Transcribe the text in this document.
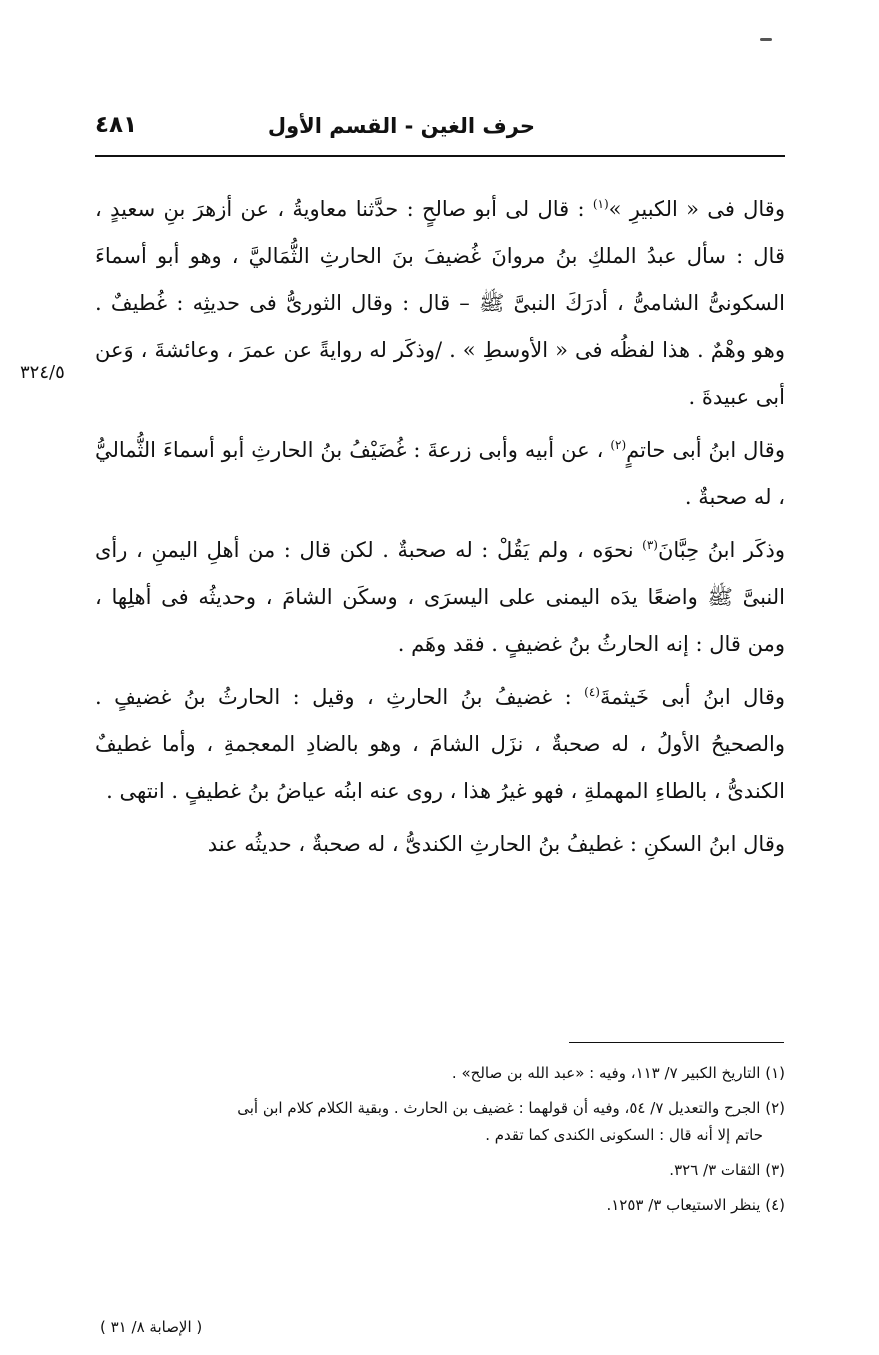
حرف الغين - القسم الأول
٤٨١
٣٢٤/٥

وقال فى « الكبيرِ »$^{(١)}$ : قال لى أبو صالحٍ : حدَّثنا معاويةُ ، عن أزهرَ بنِ سعيدٍ ، قال : سأل عبدُ الملكِ بنُ مروانَ غُضيفَ بنَ الحارثِ الثُّمَاليَّ ، وهو أبو أسماءَ السكونىُّ الشامىُّ ، أدرَكَ النبىَّ ﷺ – قال : وقال الثورىُّ فى حديثِه : غُطيفٌ . وهو وهْمٌ . هذا لفظُه فى « الأوسطِ » . /وذكَر له روايةً عن عمرَ ، وعائشةَ ، وَعن أبى عبيدةَ .

وقال ابنُ أبى حاتمٍ$^{(٢)}$ ، عن أبيه وأبى زرعةَ : غُضَيْفُ بنُ الحارثِ أبو أسماءَ الثُّماليُّ ، له صحبةٌ .

وذكَر ابنُ حِبَّانَ$^{(٣)}$ نحوَه ، ولم يَقُلْ : له صحبةٌ . لكن قال : من أهلِ اليمنِ ، رأى النبىَّ ﷺ واضعًا يدَه اليمنى على اليسرَى ، وسكَن الشامَ ، وحديثُه فى أهلِها ، ومن قال : إنه الحارثُ بنُ غضيفٍ . فقد وهَم .

وقال ابنُ أبى خَيثمةَ$^{(٤)}$ : غضيفُ بنُ الحارثِ ، وقيل : الحارثُ بنُ غضيفٍ . والصحيحُ الأولُ ، له صحبةٌ ، نزَل الشامَ ، وهو بالضادِ المعجمةِ ، وأما غطيفٌ الكندىُّ ، بالطاءِ المهملةِ ، فهو غيرُ هذا ، روى عنه ابنُه عياضُ بنُ غطيفٍ . انتهى .

وقال ابنُ السكنِ : غطيفُ بنُ الحارثِ الكندىُّ ، له صحبةٌ ، حديثُه عند

(١) التاريخ الكبير ٧/ ١١٣، وفيه : «عبد الله بن صالح» .

(٢) الجرح والتعديل ٧/ ٥٤، وفيه أن قولهما : غضيف بن الحارث . وبقية الكلام كلام ابن أبى
حاتم إلا أنه قال : السكونى الكندى كما تقدم .

(٣) الثقات ٣/ ٣٢٦.

(٤) ينظر الاستيعاب ٣/ ١٢٥٣.

( الإصابة ٨/ ٣١ )
